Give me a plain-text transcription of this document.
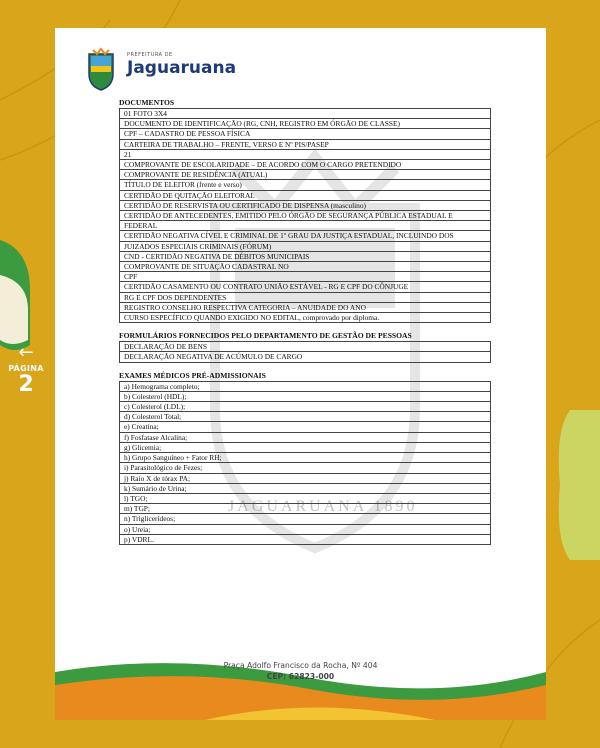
←
PÁGINA
2
PREFEITURA DE
Jaguaruana
JAGUARUANA 1890
DOCUMENTOS
01 FOTO 3X4
DOCUMENTO DE IDENTIFICAÇÃO (RG, CNH, REGISTRO EM ÓRGÃO DE CLASSE)
CPF – CADASTRO DE PESSOA FÍSICA
CARTEIRA DE TRABALHO – FRENTE, VERSO E Nº PIS/PASEP
21
COMPROVANTE DE ESCOLARIDADE – DE ACORDO COM O CARGO PRETENDIDO
COMPROVANTE DE RESIDÊNCIA (ATUAL)
TÍTULO DE ELEITOR (frente e verso)
CERTIDÃO DE QUITAÇÃO ELEITORAL
CERTIDÃO DE RESERVISTA OU CERTIFICADO DE DISPENSA (masculino)
CERTIDÃO DE ANTECEDENTES, EMITIDO PELO ÓRGÃO DE SEGURANÇA PÚBLICA ESTADUAL E
FEDERAL
CERTIDÃO NEGATIVA CÍVEL E CRIMINAL DE 1º GRAU DA JUSTIÇA ESTADUAL, INCLUINDO DOS
JUIZADOS ESPECIAIS CRIMINAIS (FÓRUM)
CND - CERTIDÃO NEGATIVA DE DÉBITOS MUNICIPAIS
COMPROVANTE DE SITUAÇÃO CADASTRAL NO
CPF
CERTIDÃO CASAMENTO OU CONTRATO UNIÃO ESTÁVEL - RG E CPF DO CÔNJUGE
RG E CPF DOS DEPENDENTES
REGISTRO CONSELHO RESPECTIVA CATEGORIA – ANUIDADE DO ANO
CURSO ESPECÍFICO QUANDO EXIGIDO NO EDITAL, comprovado por diploma.
FORMULÁRIOS FORNECIDOS PELO DEPARTAMENTO DE GESTÃO DE PESSOAS
DECLARAÇÃO DE BENS
DECLARAÇÃO NEGATIVA DE ACÚMULO DE CARGO
EXAMES MÉDICOS PRÉ-ADMISSIONAIS
a) Hemograma completo;
b) Colesterol (HDL);
c) Colesterol (LDL);
d) Colesterol Total;
e) Creatina;
f) Fosfatase Alcalina;
g) Glicemia;
h) Grupo Sanguíneo + Fator RH;
i) Parasitológico de Fezes;
j) Raio X de tórax PA;
k) Sumário de Urina;
l) TGO;
m) TGP;
n) Triglicerídeos;
o) Ureia;
p) VDRL.
Praça Adolfo Francisco da Rocha, Nº 404
CEP: 62823-000
